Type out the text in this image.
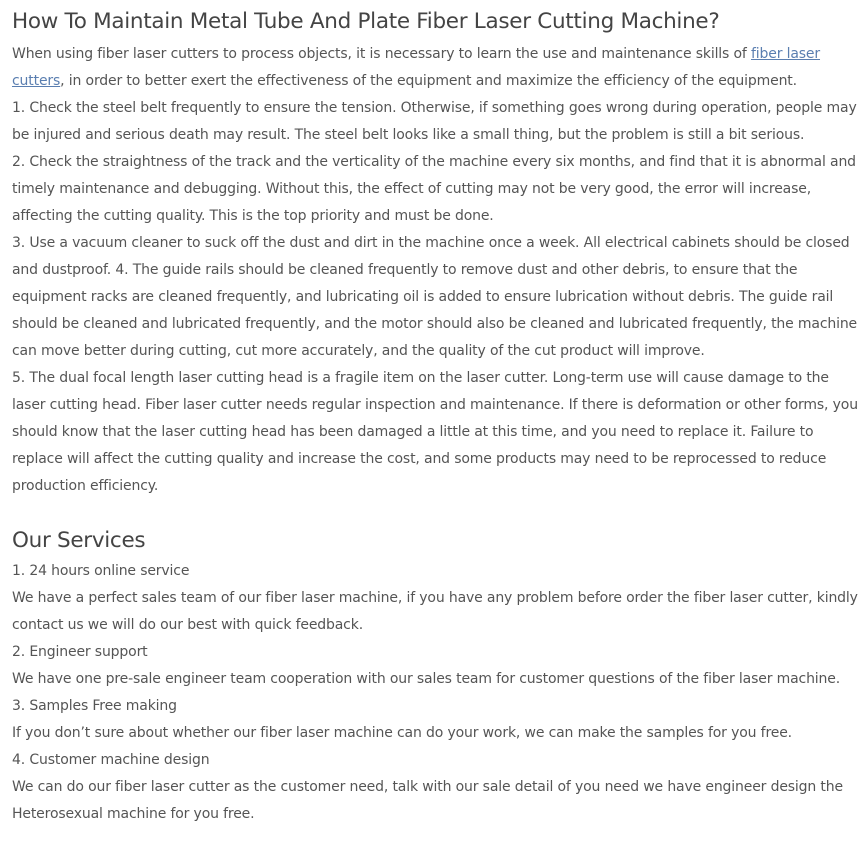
How To Maintain Metal Tube And Plate Fiber Laser Cutting Machine?

When using fiber laser cutters to process objects, it is necessary to learn the use and maintenance skills of fiber laser cutters, in order to better exert the effectiveness of the equipment and maximize the efficiency of the equipment.

1. Check the steel belt frequently to ensure the tension. Otherwise, if something goes wrong during operation, people may be injured and serious death may result. The steel belt looks like a small thing, but the problem is still a bit serious.

2. Check the straightness of the track and the verticality of the machine every six months, and find that it is abnormal and timely maintenance and debugging. Without this, the effect of cutting may not be very good, the error will increase, affecting the cutting quality. This is the top priority and must be done.

3. Use a vacuum cleaner to suck off the dust and dirt in the machine once a week. All electrical cabinets should be closed and dustproof. 4. The guide rails should be cleaned frequently to remove dust and other debris, to ensure that the equipment racks are cleaned frequently, and lubricating oil is added to ensure lubrication without debris. The guide rail should be cleaned and lubricated frequently, and the motor should also be cleaned and lubricated frequently, the machine can move better during cutting, cut more accurately, and the quality of the cut product will improve.

5. The dual focal length laser cutting head is a fragile item on the laser cutter. Long-term use will cause damage to the laser cutting head. Fiber laser cutter needs regular inspection and maintenance. If there is deformation or other forms, you should know that the laser cutting head has been damaged a little at this time, and you need to replace it. Failure to replace will affect the cutting quality and increase the cost, and some products may need to be reprocessed to reduce production efficiency.

Our Services

1. 24 hours online service

We have a perfect sales team of our fiber laser machine, if you have any problem before order the fiber laser cutter, kindly contact us we will do our best with quick feedback.

2. Engineer support

We have one pre-sale engineer team cooperation with our sales team for customer questions of the fiber laser machine.

3. Samples Free making

If you don’t sure about whether our fiber laser machine can do your work, we can make the samples for you free.

4. Customer machine design

We can do our fiber laser cutter as the customer need, talk with our sale detail of you need we have engineer design the Heterosexual machine for you free.
